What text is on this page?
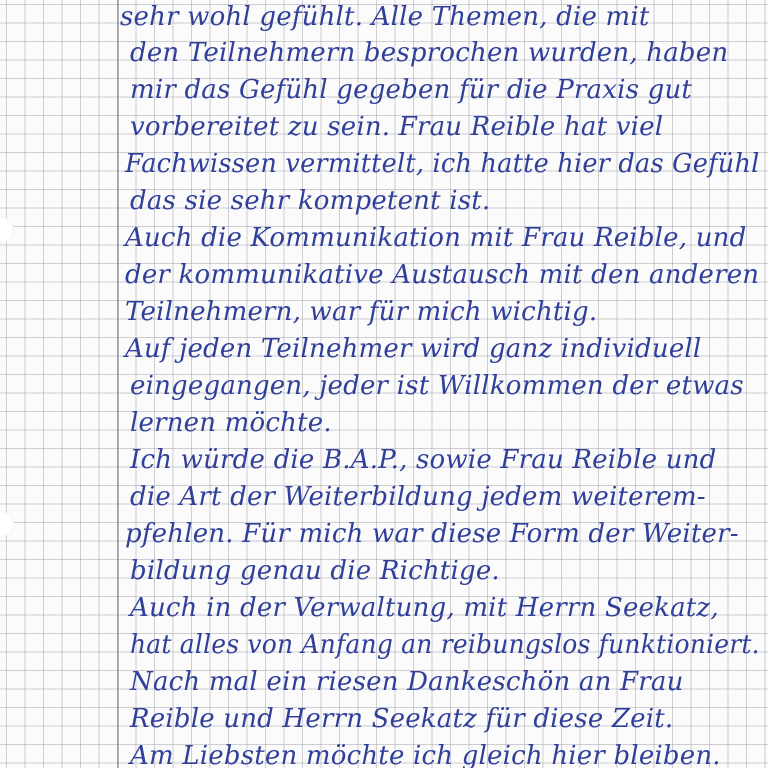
sehr wohl gefühlt. Alle Themen, die mit
den Teilnehmern besprochen wurden, haben
mir das Gefühl gegeben für die Praxis gut
vorbereitet zu sein. Frau Reible hat viel
Fachwissen vermittelt, ich hatte hier das Gefühl
das sie sehr kompetent ist.
Auch die Kommunikation mit Frau Reible, und
der kommunikative Austausch mit den anderen
Teilnehmern, war für mich wichtig.
Auf jeden Teilnehmer wird ganz individuell
eingegangen, jeder ist Willkommen der etwas
lernen möchte.
Ich würde die B.A.P., sowie Frau Reible und
die Art der Weiterbildung jedem weiterem-
pfehlen. Für mich war diese Form der Weiter-
bildung genau die Richtige.
Auch in der Verwaltung, mit Herrn Seekatz,
hat alles von Anfang an reibungslos funktioniert.
Nach mal ein riesen Dankeschön an Frau
Reible und Herrn Seekatz für diese Zeit.
Am Liebsten möchte ich gleich hier bleiben.
